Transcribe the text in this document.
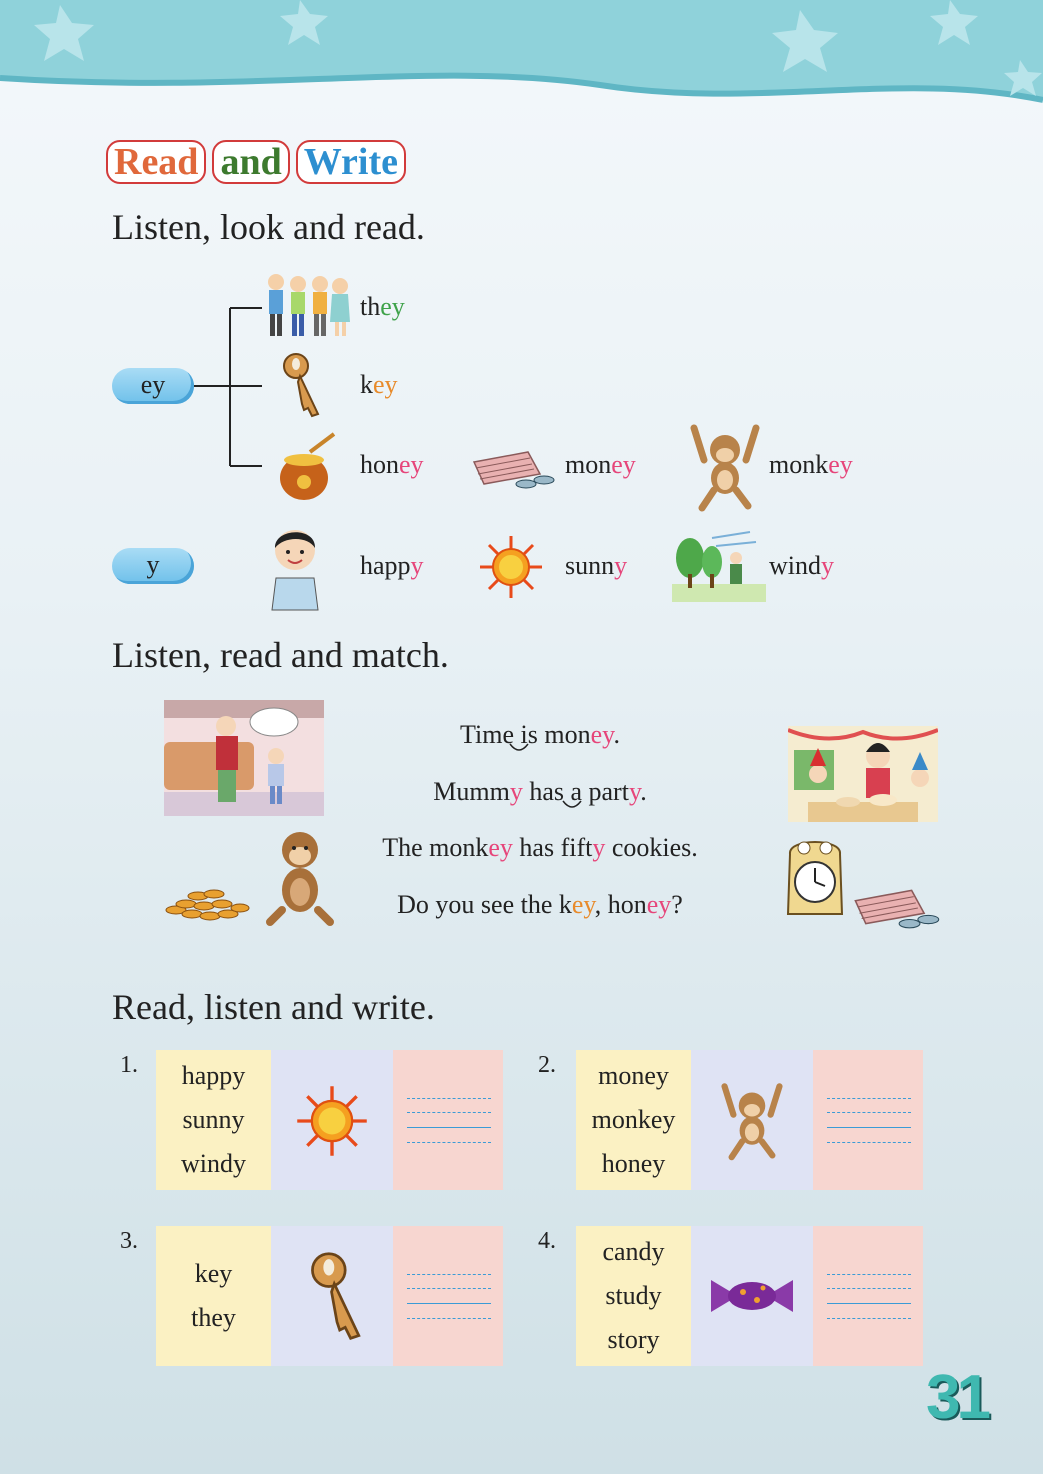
Read and Write
Listen, look and read.
ey
they
key
honey	money	monkey
y	happy	sunny	windy
Listen, read and match.
Time is money.
Mummy has a party.
The monkey has fifty cookies.
Do you see the key, honey?
Read, listen and write.
1. happy
sunny
windy
2. money
monkey
honey
3.
key
they
4. candy
study
story
31
